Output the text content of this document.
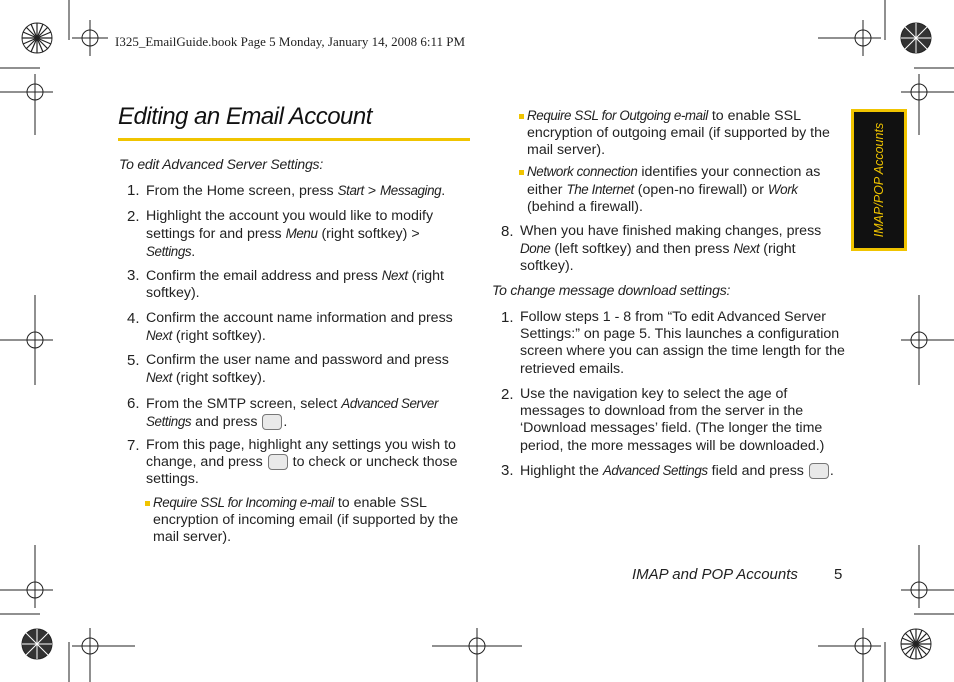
I325_EmailGuide.book Page 5 Monday, January 14, 2008 6:11 PM
Editing an Email Account
To edit Advanced Server Settings:
1. From the Home screen, press Start > Messaging.
2. Highlight the account you would like to modify settings for and press Menu (right softkey) > Settings.
3. Confirm the email address and press Next (right softkey).
4. Confirm the account name information and press Next (right softkey).
5. Confirm the user name and password and press Next (right softkey).
6. From the SMTP screen, select Advanced Server Settings and press .
7. From this page, highlight any settings you wish to change, and press  to check or uncheck those settings.
Require SSL for Incoming e-mail to enable SSL encryption of incoming email (if supported by the mail server).
Require SSL for Outgoing e-mail to enable SSL encryption of outgoing email (if supported by the mail server).
Network connection identifies your connection as either The Internet (open-no firewall) or Work (behind a firewall).
8. When you have finished making changes, press Done (left softkey) and then press Next (right softkey).
To change message download settings:
1. Follow steps 1 - 8 from “To edit Advanced Server Settings:” on page 5. This launches a configuration screen where you can assign the time length for the retrieved emails.
2. Use the navigation key to select the age of messages to download from the server in the ‘Download messages’ field. (The longer the time period, the more messages will be downloaded.)
3. Highlight the Advanced Settings field and press .
IMAP/POP Accounts
IMAP and POP Accounts 5
